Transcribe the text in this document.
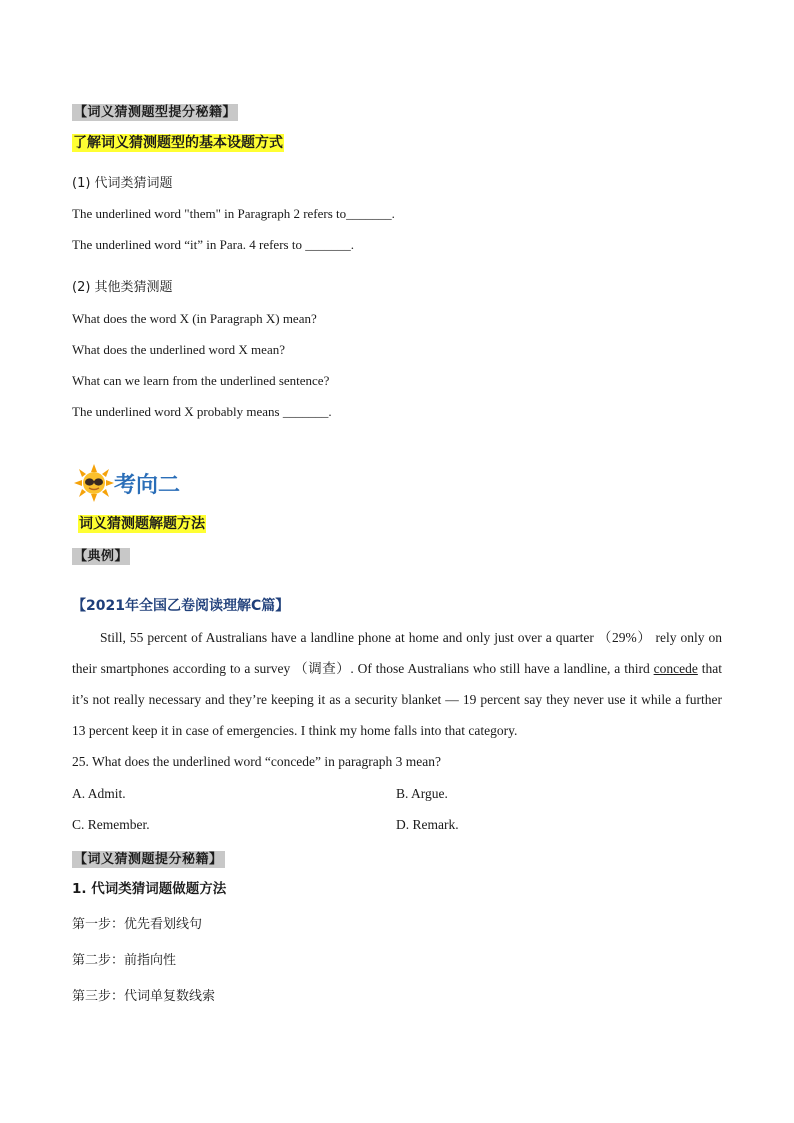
【词义猜测题型提分秘籍】
了解词义猜测题型的基本设题方式
(1) 代词类猜词题
The underlined word "them" in Paragraph 2 refers to_______.
The underlined word “it” in Para. 4 refers to _______.
(2) 其他类猜测题
What does the word X (in Paragraph X) mean?
What does the underlined word X mean?
What can we learn from the underlined sentence?
The underlined word X probably means _______.
考向二
词义猜测题解题方法
【典例】
【2021年全国乙卷阅读理解C篇】
Still, 55 percent of Australians have a landline phone at home and only just over a quarter （29%） rely only on their smartphones according to a survey （调查）. Of those Australians who still have a landline, a third concede that it’s not really necessary and they’re keeping it as a security blanket — 19 percent say they never use it while a further 13 percent keep it in case of emergencies. I think my home falls into that category.
25. What does the underlined word “concede” in paragraph 3 mean?
A. Admit.	B. Argue.
C. Remember.	D. Remark.
【词义猜测题提分秘籍】
1. 代词类猜词题做题方法
第一步：优先看划线句
第二步：前指向性
第三步：代词单复数线索
